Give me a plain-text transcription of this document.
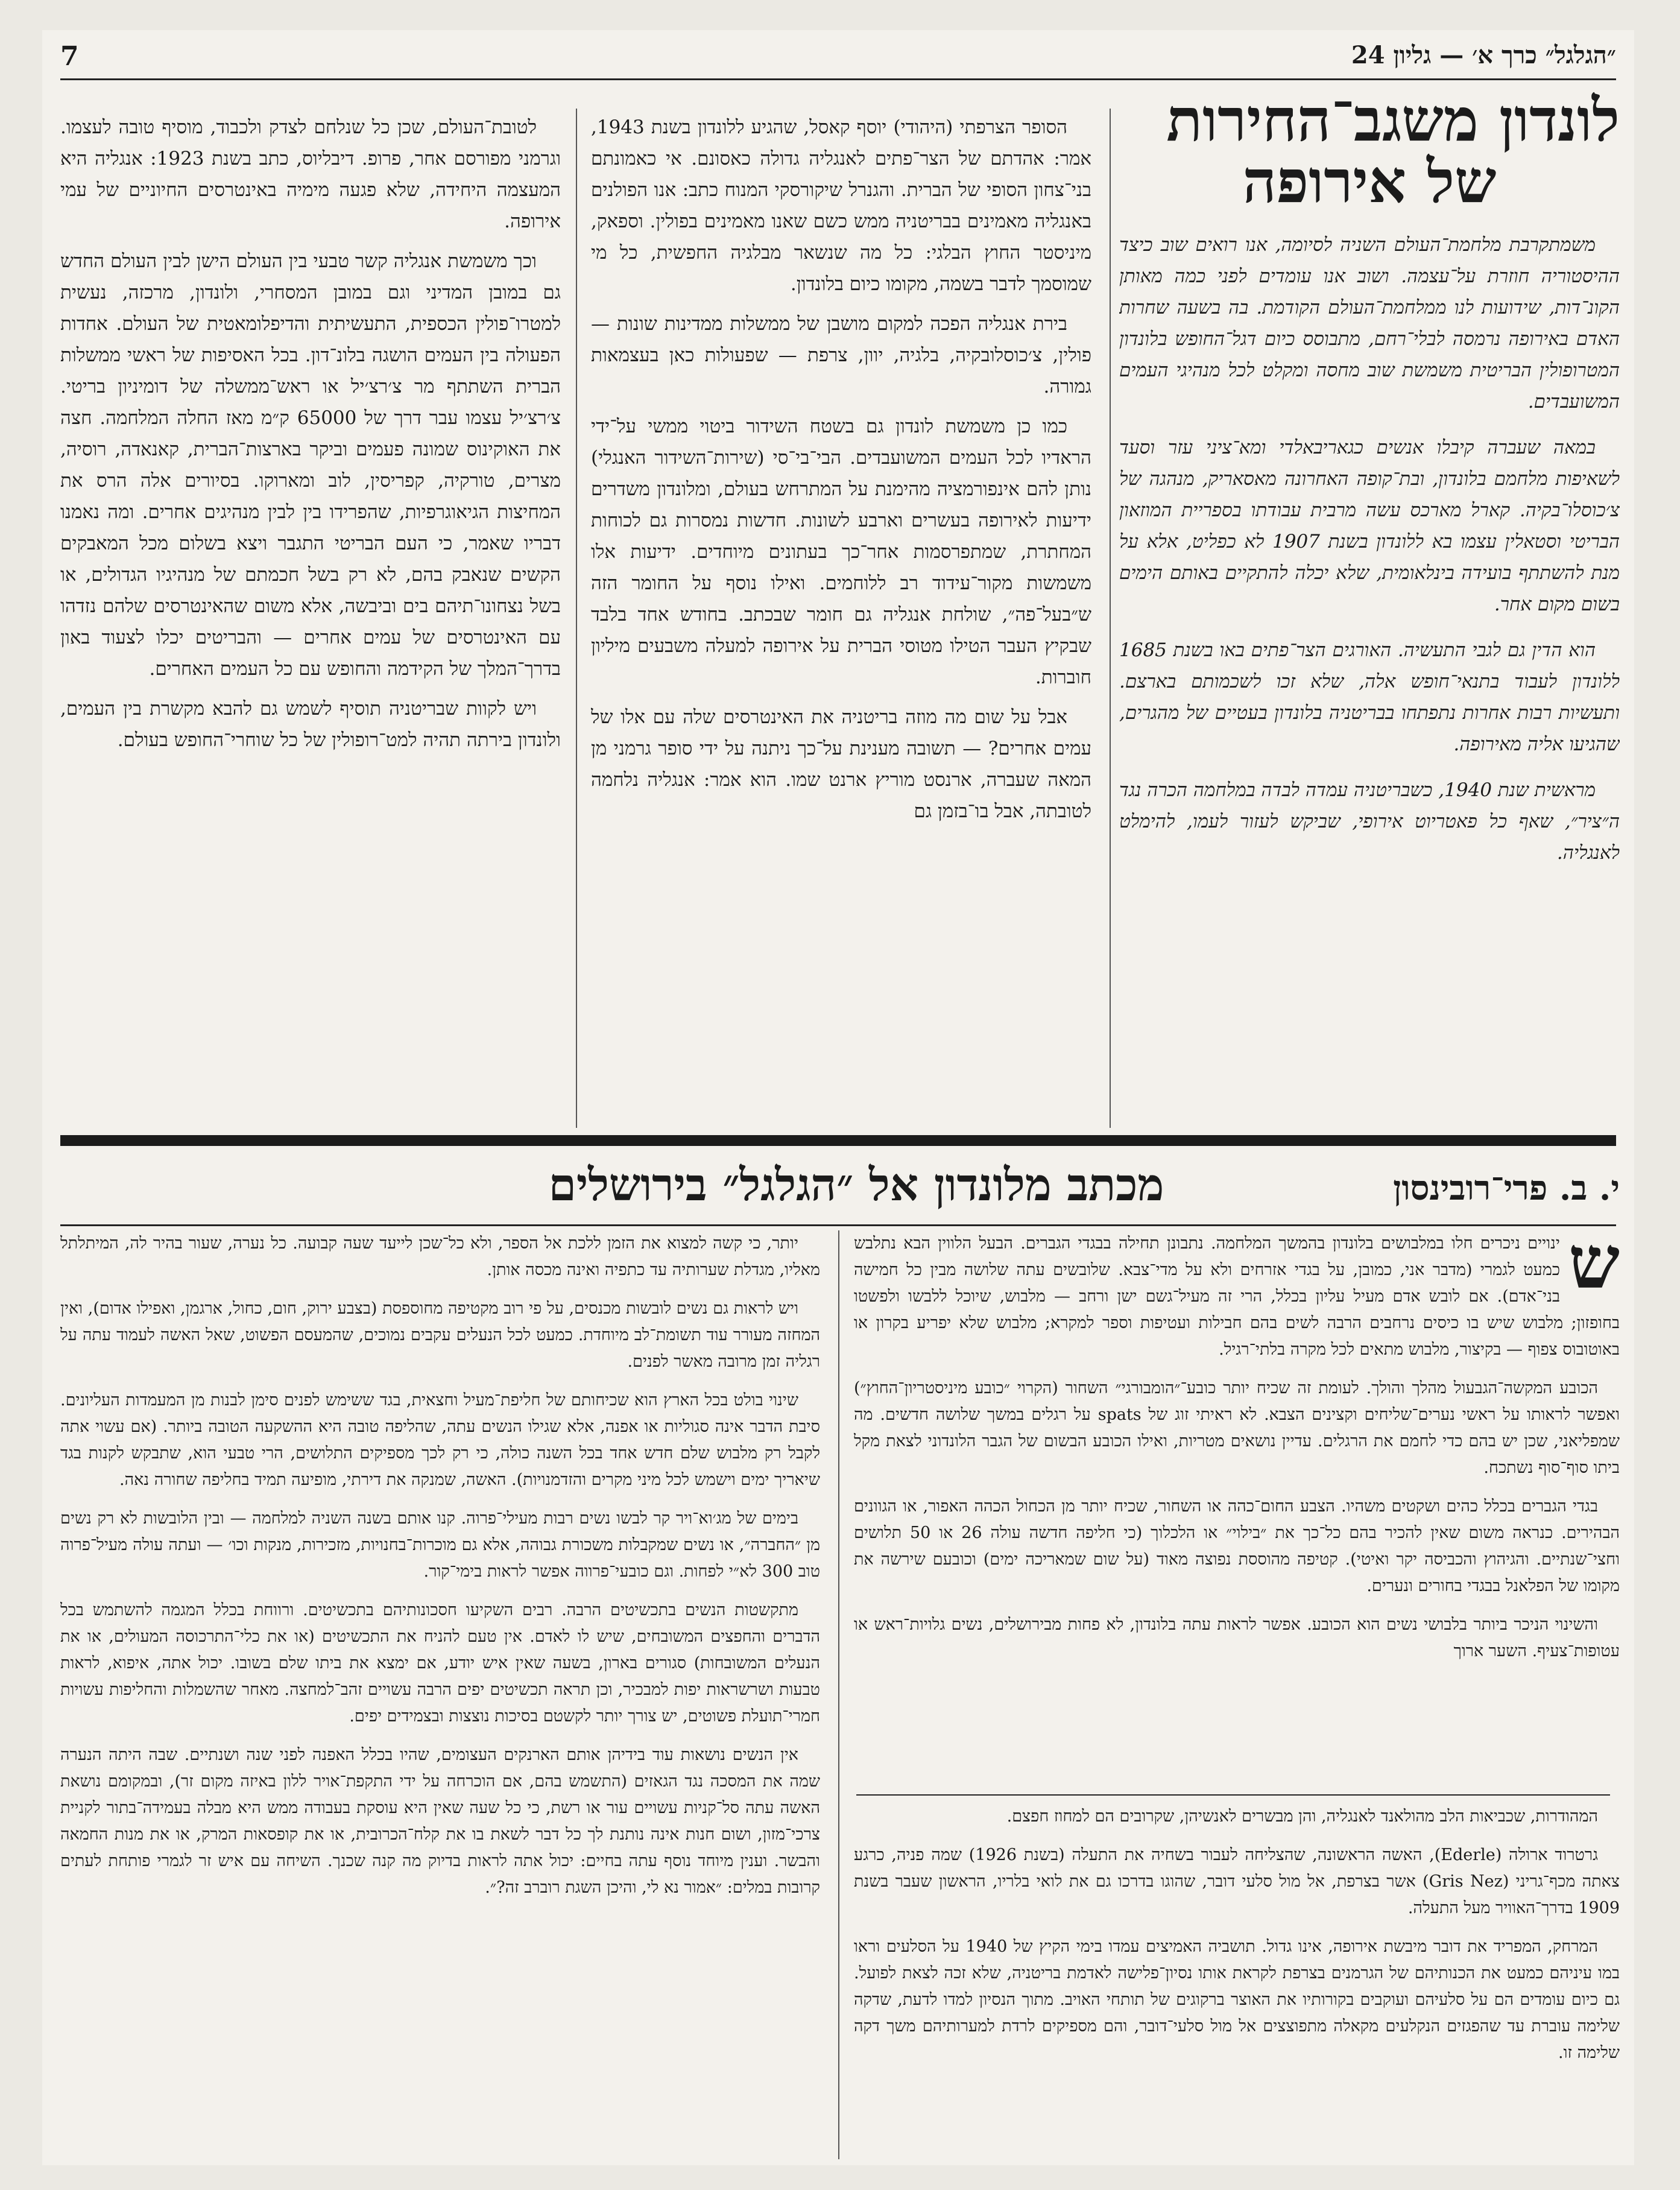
7	״הגלגל״ כרך א׳ — גליון 24
לונדון משגב־החירות
של אירופה

משמתקרבת מלחמת־העולם השניה לסיומה, אנו רואים שוב כיצד ההיסטוריה חוזרת על־עצמה. ושוב אנו עומדים לפני כמה מאותן הקונ־דות, שידועות לנו ממלחמת־העולם הקודמת. בה בשעה שחרות האדם באירופה נרמסה לבלי־רחם, מתבוסס כיום דגל־החופש בלונדון המטרופולין הבריטית משמשת שוב מחסה ומקלט לכל מנהיגי העמים המשועבדים.

במאה שעברה קיבלו אנשים כגאריבאלדי ומא־ציני עזר וסעד לשאיפות מלחמם בלונדון, ובת־קופה האחרונה מאסאריק, מנהגה של צ׳כוסלו־בקיה. קארל מארכס עשה מרבית עבודתו בספריית המוזאון הבריטי וסטאלין עצמו בא ללונדון בשנת 1907 לא כפליט, אלא על מנת להשתתף בועידה בינלאומית, שלא יכלה להתקיים באותם הימים בשום מקום אחר.

הוא הדין גם לגבי התעשיה. האורגים הצר־פתים באו בשנת 1685 ללונדון לעבוד בתנאי־חופש אלה, שלא זכו לשכמותם בארצם. ותעשיות רבות אחרות נתפתחו בבריטניה בלונדון בעטיים של מהגרים, שהגיעו אליה מאירופה.

מראשית שנת 1940, כשבריטניה עמדה לבדה במלחמה הכרה נגד ה״ציר״, שאף כל פאטריוט אירופי, שביקש לעזור לעמו, להימלט לאנגליה.

הסופר הצרפתי (היהודי) יוסף קאסל, שהגיע ללונדון בשנת 1943, אמר: אהדתם של הצר־פתים לאנגליה גדולה כאסונם. אי כאמונתם בני־צחון הסופי של הברית. והגנרל שיקורסקי המנוח כתב: אנו הפולנים באנגליה מאמינים בבריטניה ממש כשם שאנו מאמינים בפולין. וספאק, מיניסטר החוץ הבלגי: כל מה שנשאר מבלגיה החפשית, כל מי שמוסמך לדבר בשמה, מקומו כיום בלונדון.

בירת אנגליה הפכה למקום מושבן של ממשלות ממדינות שונות — פולין, צ׳כוסלובקיה, בלגיה, יוון, צרפת — שפעולות כאן בעצמאות גמורה.

כמו כן משמשת לונדון גם בשטח השידור ביטוי ממשי על־ידי הראדיו לכל העמים המשועבדים. הבי־בי־סי (שירות־השידור האנגלי) נותן להם אינפורמציה מהימנת על המתרחש בעולם, ומלונדון משדרים ידיעות לאירופה בעשרים וארבע לשונות. חדשות נמסרות גם לכוחות המחתרת, שמתפרסמות אחר־כך בעתונים מיוחדים. ידיעות אלו משמשות מקור־עידוד רב ללוחמים. ואילו נוסף על החומר הזה ש״בעל־פה״, שולחת אנגליה גם חומר שבכתב. בחודש אחד בלבד שבקיץ העבר הטילו מטוסי הברית על אירופה למעלה משבעים מיליון חוברות.

אבל על שום מה מוזה בריטניה את האינטרסים שלה עם אלו של עמים אחרים? — תשובה מענינת על־כך ניתנה על ידי סופר גרמני מן המאה שעברה, ארנסט מוריץ ארנט שמו. הוא אמר: אנגליה נלחמה לטובתה, אבל בו־בזמן גם

לטובת־העולם, שכן כל שנלחם לצדק ולכבוד, מוסיף טובה לעצמו. וגרמני מפורסם אחר, פרופ. דיבליוס, כתב בשנת 1923: אנגליה היא המעצמה היחידה, שלא פגעה מימיה באינטרסים החיוניים של עמי אירופה.

וכך משמשת אנגליה קשר טבעי בין העולם הישן לבין העולם החדש גם במובן המדיני וגם במובן המסחרי, ולונדון, מרכזה, נעשית למטרו־פולין הכספית, התעשיתית והדיפלומאטית של העולם. אחדות הפעולה בין העמים הושגה בלונ־דון. בכל האסיפות של ראשי ממשלות הברית השתתף מר צ׳רצ׳יל או ראש־ממשלה של דומיניון בריטי. צ׳רצ׳יל עצמו עבר דרך של 65000 ק״מ מאז החלה המלחמה. חצה את האוקינוס שמונה פעמים וביקר בארצות־הברית, קאנאדה, רוסיה, מצרים, טורקיה, קפריסין, לוב ומארוקו. בסיורים אלה הרס את המחיצות הגיאוגרפיות, שהפרידו בין לבין מנהיגים אחרים. ומה נאמנו דבריו שאמר, כי העם הבריטי התגבר ויצא בשלום מכל המאבקים הקשים שנאבק בהם, לא רק בשל חכמתם של מנהיגיו הגדולים, או בשל נצחונו־תיהם בים וביבשה, אלא משום שהאינטרסים שלהם נזדהו עם האינטרסים של עמים אחרים — והבריטים יכלו לצעוד באון בדרך־המלך של הקידמה והחופש עם כל העמים האחרים.

ויש לקוות שבריטניה תוסיף לשמש גם להבא מקשרת בין העמים, ולונדון בירתה תהיה למט־רופולין של כל שוחרי־החופש בעולם.

מכתב מלונדון אל ״הגלגל״ בירושלים	י. ב. פרי־רובינסון
ש

ינויים ניכרים חלו במלבושים בלונדון בהמשך המלחמה. נתבונן תחילה בבגדי הגברים. הבעל הלווין הבא נתלבש כמעט לגמרי (מדבר אני, כמובן, על בגדי אזרחים ולא על מדי־צבא. שלובשים עתה שלושה מבין כל חמישה בני־אדם). אם לובש אדם מעיל עליון בכלל, הרי זה מעיל־גשם ישן ורחב — מלבוש, שיוכל ללבשו ולפשטו בחופזון; מלבוש שיש בו כיסים נרחבים הרבה לשים בהם חבילות ועטיפות וספר למקרא; מלבוש שלא יפריע בקרון או באוטובוס צפוף — בקיצור, מלבוש מתאים לכל מקרה בלתי־רגיל.

הכובע המקשה־הגבעול מהלך והולך. לעומת זה שכיח יותר כובע־״הומבורגי״ השחור (הקרוי ״כובע מיניסטריון־החוץ״) ואפשר לראותו על ראשי נערים־שליחים וקצינים הצבא. לא ראיתי זוג של spats על רגלים במשך שלושה חדשים. מה שמפליאני, שכן יש בהם כדי לחמם את הרגלים. עדיין נושאים מטריות, ואילו הכובע הבשום של הגבר הלונדוני לצאת מקל ביתו סוף־סוף נשתכח.

בגדי הגברים בכלל כהים ושקטים משהיו. הצבע החום־כהה או השחור, שכיח יותר מן הכחול הכהה האפור, או הגוונים הבהירים. כנראה משום שאין להכיר בהם כל־כך את ״בילוי״ או הלכלוך (כי חליפה חדשה עולה 26 או 50 תלושים וחצי־שנתיים. והגיהוץ והכביסה יקר ואיטי). קטיפה מהוססת נפוצה מאוד (על שום שמאריכה ימים) וכובעם שירשה את מקומו של הפלאנל בבגדי בחורים ונערים.

והשינוי הניכר ביותר בלבושי נשים הוא הכובע. אפשר לראות עתה בלונדון, לא פחות מבירושלים, נשים גלויות־ראש או עטופות־צעיף. השער ארוך

המהודרות, שכביאות הלב מהולאנד לאנגליה, והן מבשרים לאנשיהן, שקרובים הם למחוז חפצם.

גרטרוד ארולה (Ederle), האשה הראשונה, שהצליחה לעבור בשחיה את התעלה (בשנת 1926) שמה פניה, כרגע צאתה מכף־גריני (Gris Nez) אשר בצרפת, אל מול סלעי דובר, שהוגו בדרכו גם את לואי בלריו, הראשון שעבר בשנת 1909 בדרך־האוויר מעל התעלה.

המרחק, המפריד את דובר מיבשת אירופה, אינו גדול. תושביה האמיצים עמדו בימי הקיץ של 1940 על הסלעים וראו במו עיניהם כמעט את הכנותיהם של הגרמנים בצרפת לקראת אותו נסיון־פלישה לאדמת בריטניה, שלא זכה לצאת לפועל. גם כיום עומדים הם על סלעיהם ועוקבים בקורותיו את האוצר ברקוגים של תותחי האויב. מתוך הנסיון למדו לדעת, שדקה שלימה עוברת עד שהפגזים הנקלעים מקאלה מתפוצצים אל מול סלעי־דובר, והם מספיקים לרדת למערותיהם משך דקה שלימה זו.

יותר, כי קשה למצוא את הזמן ללכת אל הספר, ולא כל־שכן לייעד שעה קבועה. כל נערה, שעור בהיר לה, המיתלתל מאליו, מגדלת שערותיה עד כתפיה ואינה מכסה אותן.

ויש לראות גם נשים לובשות מכנסים, על פי רוב מקטיפה מחוספסת (בצבע ירוק, חום, כחול, ארגמן, ואפילו אדום), ואין המחזה מעורר עוד תשומת־לב מיוחדת. כמעט לכל הנעלים עקבים נמוכים, שהמעסם הפשוט, שאל האשה לעמוד עתה על רגליה זמן מרובה מאשר לפנים.

שינוי בולט בכל הארץ הוא שכיחותם של חליפת־מעיל וחצאית, בגד ששימש לפנים סימן לבנות מן המעמדות העליונים. סיבת הדבר אינה סגוליות או אפנה, אלא שגילו הנשים עתה, שהליפה טובה היא ההשקעה הטובה ביותר. (אם עשוי אתה לקבל רק מלבוש שלם חדש אחד בכל השנה כולה, כי רק לכך מספיקים התלושים, הרי טבעי הוא, שתבקש לקנות בגד שיאריך ימים וישמש לכל מיני מקרים והזדמנויות). האשה, שמנקה את דירתי, מופיעה תמיד בחליפה שחורה נאה.

בימים של מג׳וא־ויר קר לבשו נשים רבות מעילי־פרוה. קנו אותם בשנה השניה למלחמה — ובין הלובשות לא רק נשים מן ״החברה״, או נשים שמקבלות משכורת גבוהה, אלא גם מוכרות־בחנויות, מזכירות, מנקות וכו׳ — ועתה עולה מעיל־פרוה טוב 300 לא״י לפחות. וגם כובעי־פרווה אפשר לראות בימי־קור.

מתקשטות הנשים בתכשיטים הרבה. רבים השקיעו חסכונותיהם בתכשיטים. ורווחת בכלל המגמה להשתמש בכל הדברים והחפצים המשובחים, שיש לו לאדם. אין טעם להניח את התכשיטים (או את כלי־התרכוסה המעולים, או את הנעלים המשובחות) סגורים בארון, בשעה שאין איש יודע, אם ימצא את ביתו שלם בשובו. יכול אתה, איפוא, לראות טבעות ושרשראות יפות למבכיר, וכן תראה תכשיטים יפים הרבה עשויים זהב־למחצה. מאחר שהשמלות והחליפות עשויות חמרי־תועלת פשוטים, יש צורך יותר לקשטם בסיכות נוצצות ובצמידים יפים.

אין הנשים נושאות עוד בידיהן אותם הארנקים העצומים, שהיו בכלל האפנה לפני שנה ושנתיים. שבה היתה הנערה שמה את המסכה נגד הגאזים (התשמש בהם, אם הוכרחה על ידי התקפת־אויר ללון באיזה מקום זר), ובמקומם נושאת האשה עתה סל־קניות עשויים עור או רשת, כי כל שעה שאין היא עוסקת בעבודה ממש היא מבלה בעמידה־בתור לקניית צרכי־מזון, ושום חנות אינה נותנת לך כל דבר לשאת בו את קלח־הכרובית, או את קופסאות המרק, או את מנות החמאה והבשר. וענין מיוחד נוסף עתה בחיים: יכול אתה לראות בדיוק מה קנה שכנך. השיחה עם איש זר לגמרי פותחת לעתים קרובות במלים: ״אמור נא לי, והיכן השגת רוברב זה?״.
